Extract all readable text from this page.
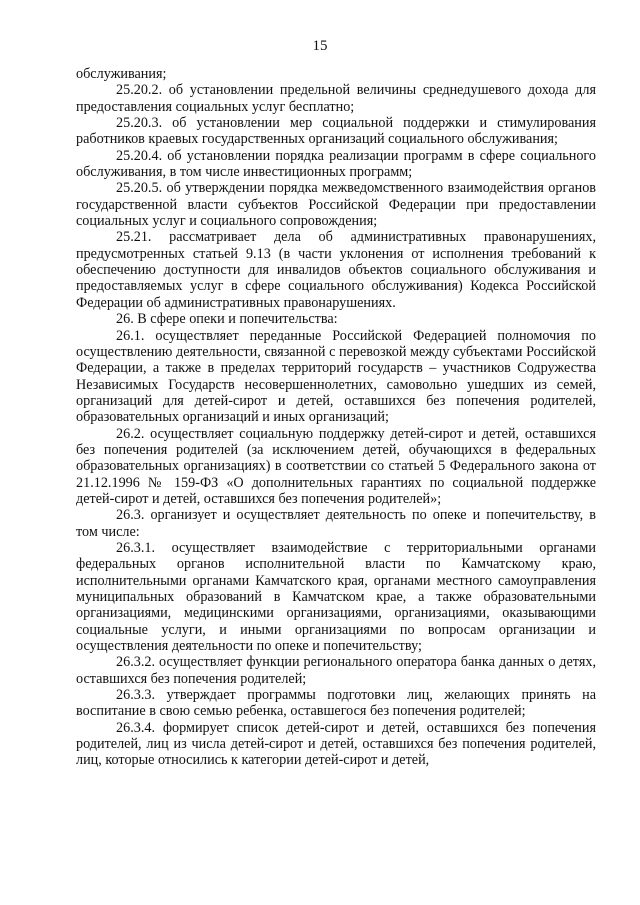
15

обслуживания;

25.20.2. об установлении предельной величины среднедушевого дохода для предоставления социальных услуг бесплатно;

25.20.3. об установлении мер социальной поддержки и стимулирования работников краевых государственных организаций социального обслуживания;

25.20.4. об установлении порядка реализации программ в сфере социального обслуживания, в том числе инвестиционных программ;

25.20.5. об утверждении порядка межведомственного взаимодействия органов государственной власти субъектов Российской Федерации при предоставлении социальных услуг и социального сопровождения;

25.21. рассматривает дела об административных правонарушениях, предусмотренных статьей 9.13 (в части уклонения от исполнения требований к обеспечению доступности для инвалидов объектов социального обслуживания и предоставляемых услуг в сфере социального обслуживания) Кодекса Российской Федерации об административных правонарушениях.

26. В сфере опеки и попечительства:

26.1. осуществляет переданные Российской Федерацией полномочия по осуществлению деятельности, связанной с перевозкой между субъектами Российской Федерации, а также в пределах территорий государств – участников Содружества Независимых Государств несовершеннолетних, самовольно ушедших из семей, организаций для детей-сирот и детей, оставшихся без попечения родителей, образовательных организаций и иных организаций;

26.2. осуществляет социальную поддержку детей-сирот и детей, оставшихся без попечения родителей (за исключением детей, обучающихся в федеральных образовательных организациях) в соответствии со статьей 5 Федерального закона от 21.12.1996 № 159-ФЗ «О дополнительных гарантиях по социальной поддержке детей-сирот и детей, оставшихся без попечения родителей»;

26.3. организует и осуществляет деятельность по опеке и попечительству, в том числе:

26.3.1. осуществляет взаимодействие с территориальными органами федеральных органов исполнительной власти по Камчатскому краю, исполнительными органами Камчатского края, органами местного самоуправления муниципальных образований в Камчатском крае, а также образовательными организациями, медицинскими организациями, организациями, оказывающими социальные услуги, и иными организациями по вопросам организации и осуществления деятельности по опеке и попечительству;

26.3.2. осуществляет функции регионального оператора банка данных о детях, оставшихся без попечения родителей;

26.3.3. утверждает программы подготовки лиц, желающих принять на воспитание в свою семью ребенка, оставшегося без попечения родителей;

26.3.4. формирует список детей-сирот и детей, оставшихся без попечения родителей, лиц из числа детей-сирот и детей, оставшихся без попечения родителей, лиц, которые относились к категории детей-сирот и детей,
